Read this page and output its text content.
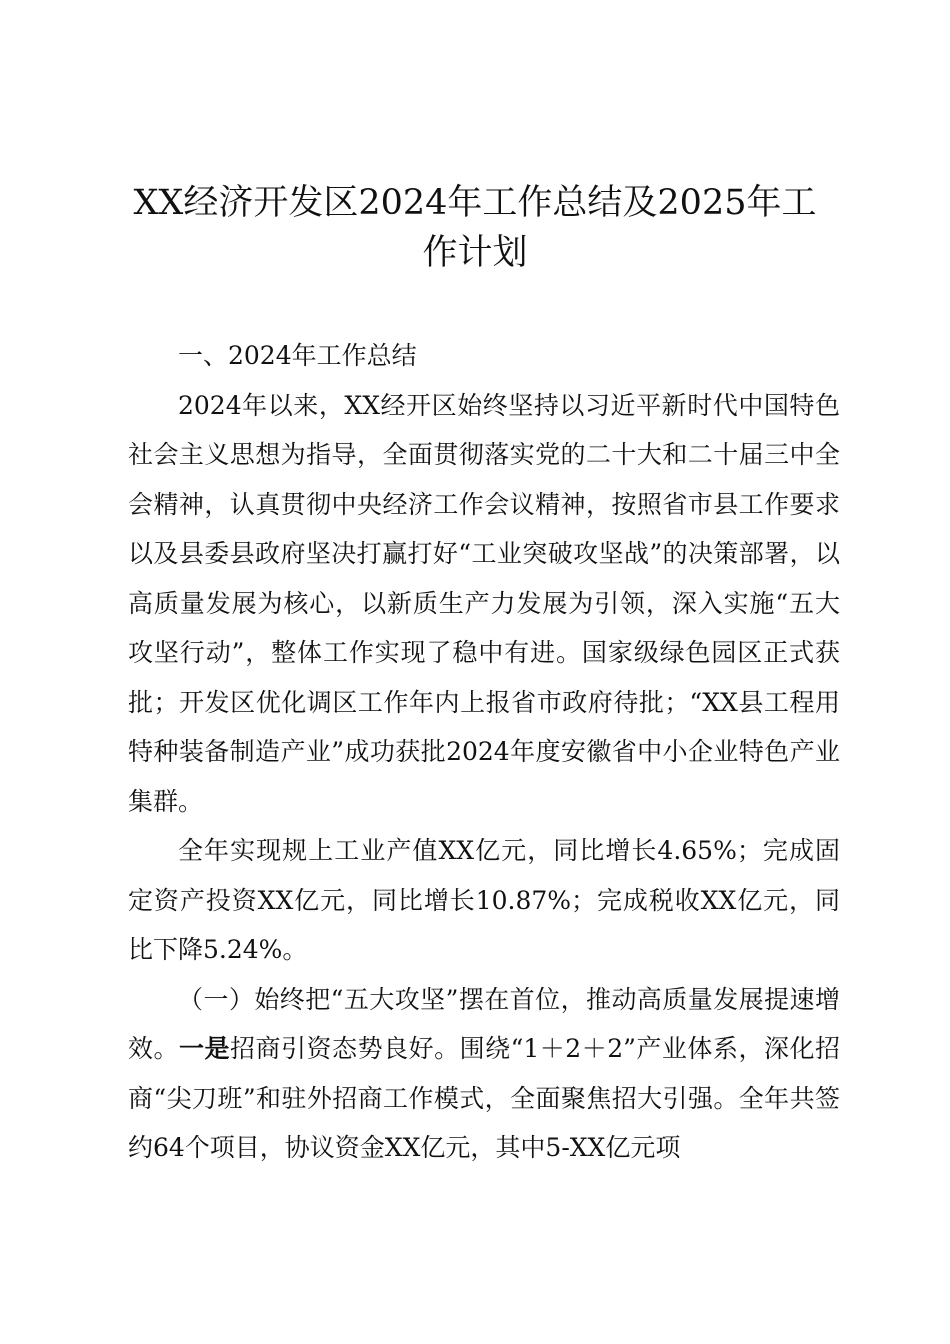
XX经济开发区2024年工作总结及2025年工
作计划

一、2024年工作总结

2024年以来，XX经开区始终坚持以习近平新时代中国特色社会主义思想为指导，全面贯彻落实党的二十大和二十届三中全会精神，认真贯彻中央经济工作会议精神，按照省市县工作要求以及县委县政府坚决打赢打好“工业突破攻坚战”的决策部署，以高质量发展为核心，以新质生产力发展为引领，深入实施“五大攻坚行动”，整体工作实现了稳中有进。国家级绿色园区正式获批；开发区优化调区工作年内上报省市政府待批；“XX县工程用特种装备制造产业”成功获批2024年度安徽省中小企业特色产业集群。

全年实现规上工业产值XX亿元，同比增长4.65%；完成固定资产投资XX亿元，同比增长10.87%；完成税收XX亿元，同比下降5.24%。

（一）始终把“五大攻坚”摆在首位，推动高质量发展提速增效。一是招商引资态势良好。围绕“1＋2＋2”产业体系，深化招商“尖刀班”和驻外招商工作模式，全面聚焦招大引强。全年共签约64个项目，协议资金XX亿元，其中5-XX亿元项
